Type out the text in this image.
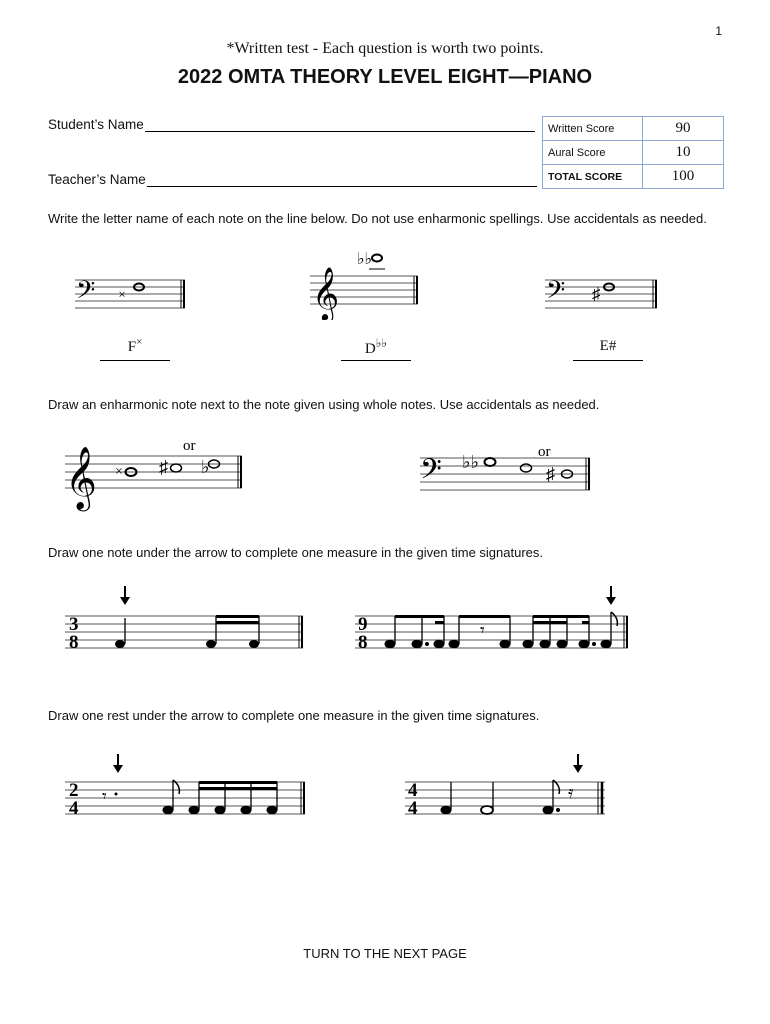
1
*Written test - Each question is worth two points.
2022 OMTA THEORY LEVEL EIGHT—PIANO
Student’s Name
Teacher’s Name
Written Score	90
Aural Score	10
TOTAL SCORE	100
Write the letter name of each note on the line below. Do not use enharmonic spellings. Use accidentals as needed.
𝄢 ×	𝄞
♭♭
𝄢 ♯
F×	D♭♭	E#
Draw an enharmonic note next to the note given using whole notes. Use accidentals as needed.
𝄞 × ♯
or
♭	𝄢 ♭♭	or
♯
Draw one note under the arrow to complete one measure in the given time signatures.
3
8
9
8
𝄾
Draw one rest under the arrow to complete one measure in the given time signatures.
2
4
𝄾	4
4
𝄿
TURN TO THE NEXT PAGE
